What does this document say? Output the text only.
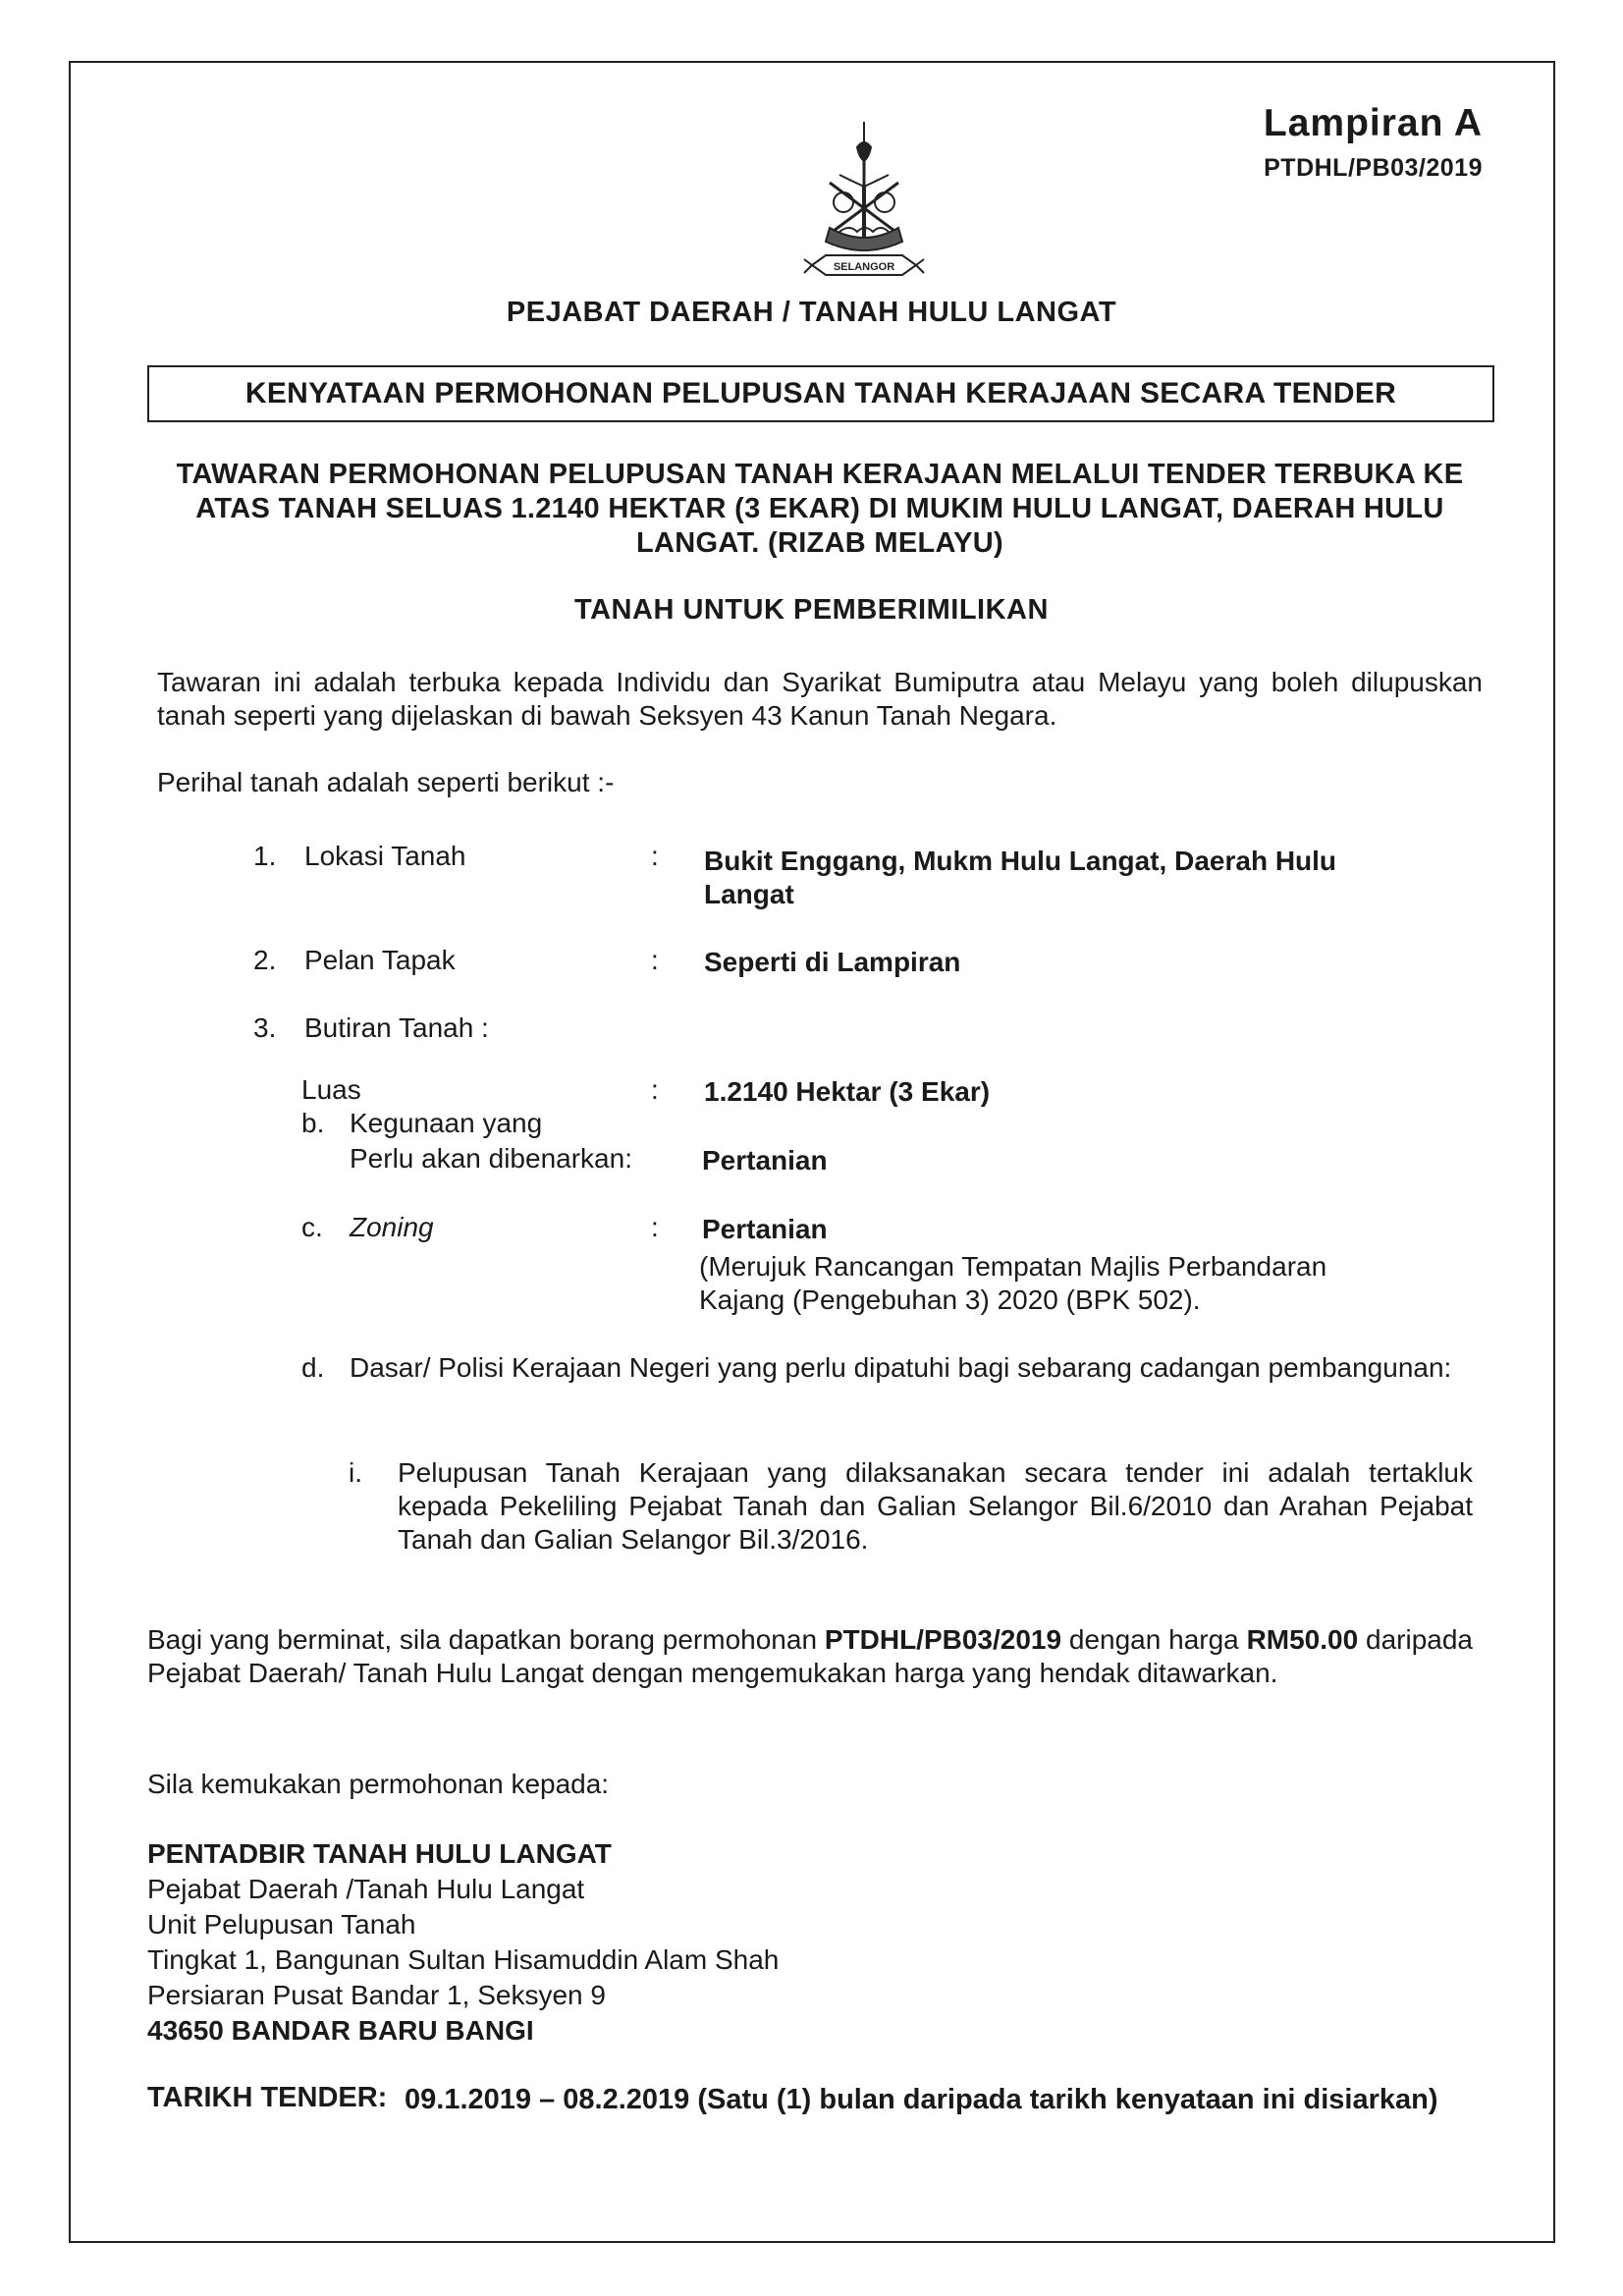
Lampiran A
PTDHL/PB03/2019
SELANGOR
PEJABAT DAERAH / TANAH HULU LANGAT
KENYATAAN PERMOHONAN PELUPUSAN TANAH KERAJAAN SECARA TENDER
TAWARAN PERMOHONAN PELUPUSAN TANAH KERAJAAN MELALUI TENDER TERBUKA KE ATAS TANAH SELUAS 1.2140 HEKTAR (3 EKAR) DI MUKIM HULU LANGAT, DAERAH HULU LANGAT. (RIZAB MELAYU)
TANAH UNTUK PEMBERIMILIKAN
Tawaran ini adalah terbuka kepada Individu dan Syarikat Bumiputra atau Melayu yang boleh dilupuskan tanah seperti yang dijelaskan di bawah Seksyen 43 Kanun Tanah Negara.
Perihal tanah adalah seperti berikut :-
1. Lokasi Tanah	: Bukit Enggang, Mukm Hulu Langat, Daerah Hulu Langat
2. Pelan Tapak	: Seperti di Lampiran
3. Butiran Tanah :
Luas	: 1.2140 Hektar (3 Ekar)
b. Kegunaan yang
Perlu akan dibenarkan:	Pertanian
c. Zoning	: Pertanian
(Merujuk Rancangan Tempatan Majlis Perbandaran Kajang (Pengebuhan 3) 2020 (BPK 502).
d. Dasar/ Polisi Kerajaan Negeri yang perlu dipatuhi bagi sebarang cadangan pembangunan:
i. Pelupusan Tanah Kerajaan yang dilaksanakan secara tender ini adalah tertakluk kepada Pekeliling Pejabat Tanah dan Galian Selangor Bil.6/2010 dan Arahan Pejabat Tanah dan Galian Selangor Bil.3/2016.
Bagi yang berminat, sila dapatkan borang permohonan PTDHL/PB03/2019 dengan harga RM50.00 daripada Pejabat Daerah/ Tanah Hulu Langat dengan mengemukakan harga yang hendak ditawarkan.
Sila kemukakan permohonan kepada:
PENTADBIR TANAH HULU LANGAT
Pejabat Daerah /Tanah Hulu Langat
Unit Pelupusan Tanah
Tingkat 1, Bangunan Sultan Hisamuddin Alam Shah
Persiaran Pusat Bandar 1, Seksyen 9
43650 BANDAR BARU BANGI
TARIKH TENDER: 09.1.2019 – 08.2.2019 (Satu (1) bulan daripada tarikh kenyataan ini disiarkan)
